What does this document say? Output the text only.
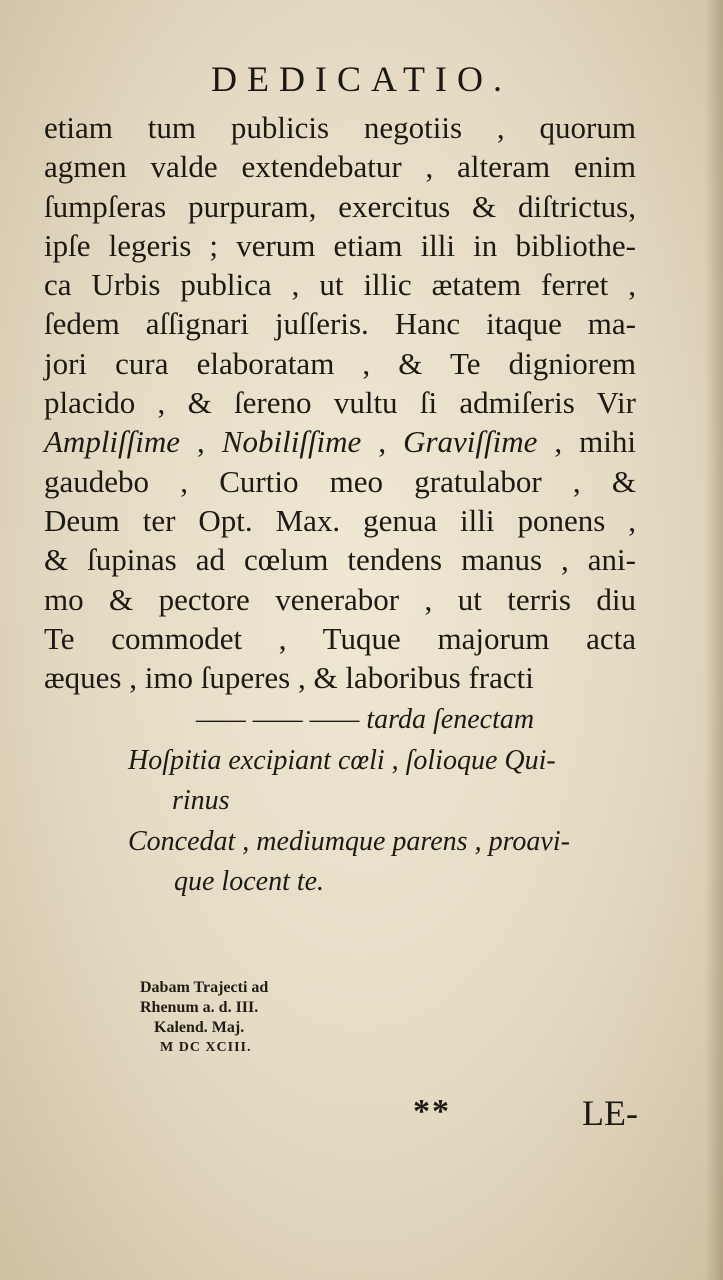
DEDICATIO.
etiam tum publicis negotiis , quorum
agmen valde extendebatur , alteram enim
ſumpſeras purpuram, exercitus & diſtrictus,
ipſe legeris ; verum etiam illi in bibliothe-
ca Urbis publica , ut illic ætatem ferret ,
ſedem aſſignari juſſeris. Hanc itaque ma-
jori cura elaboratam , & Te digniorem
placido , & ſereno vultu ſi admiſeris Vir
Ampliſſime , Nobiliſſime , Graviſſime , mihi
gaudebo , Curtio meo gratulabor , &
Deum ter Opt. Max. genua illi ponens ,
& ſupinas ad cœlum tendens manus , ani-
mo & pectore venerabor , ut terris diu
Te commodet , Tuque majorum acta
æques , imo ſuperes , & laboribus fracti
—— —— —— tarda ſenectam
Hoſpitia excipiant cœli , ſolioque Qui-
rinus
Concedat , mediumque parens , proavi-
que locent te.
Dabam Trajecti ad
Rhenum a. d. III.
Kalend. Maj.
M DC XCIII.
**	LE-
